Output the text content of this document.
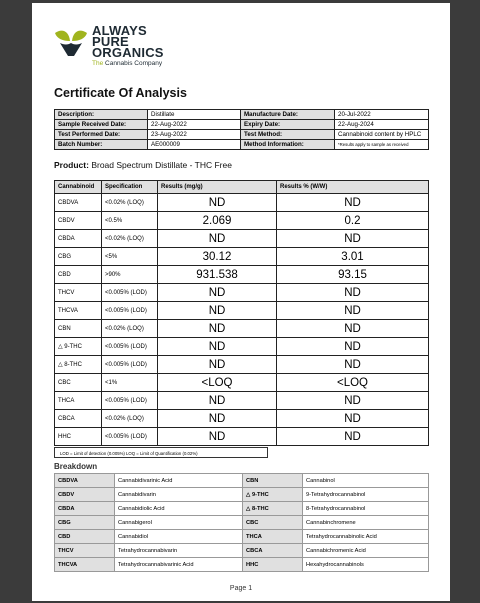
ALWAYS
PURE
ORGANICS
The Cannabis Company
Certificate Of Analysis
Description:	Distillate	Manufacture Date:	20-Jul-2022
Sample Received Date:	22-Aug-2022	Expiry Date:	22-Aug-2024
Test Performed Date:	23-Aug-2022	Test Method:	Cannabinoid content by HPLC
Batch Number:	AE000009	Method Information:	*Results apply to sample as received
Product: Broad Spectrum Distillate - THC Free
Cannabinoid	Specification	Results (mg/g)	Results % (W/W)
CBDVA	<0.02% (LOQ)	ND	ND
CBDV	<0.5%	2.069	0.2
CBDA	<0.02% (LOQ)	ND	ND
CBG	<5%	30.12	3.01
CBD	>90%	931.538	93.15
THCV	<0.005% (LOD)	ND	ND
THCVA	<0.005% (LOD)	ND	ND
CBN	<0.02% (LOQ)	ND	ND
△ 9-THC	<0.005% (LOD)	ND	ND
△ 8-THC	<0.005% (LOD)	ND	ND
CBC	<1%	<LOQ	<LOQ
THCA	<0.005% (LOD)	ND	ND
CBCA	<0.02% (LOQ)	ND	ND
HHC	<0.005% (LOD)	ND	ND
LOD = Limit of detection (0.005%) LOQ = Limit of Quantification (0.02%)
Breakdown
CBDVA	Cannabidivarinic Acid	CBN	Cannabinol
CBDV	Cannabidivarin	△ 9-THC	9-Tetrahydrocannabinol
CBDA	Cannabidiolic Acid	△ 8-THC	8-Tetrahydrocannabinol
CBG	Cannabigerol	CBC	Cannabinchromene
CBD	Cannabidiol	THCA	Tetrahydrocannabinolic Acid
THCV	Tetrahydrocannabivarin	CBCA	Cannabichromenic Acid
THCVA	Tetrahydrocannabivarinic Acid	HHC	Hexahydrocannabinols
Page 1
